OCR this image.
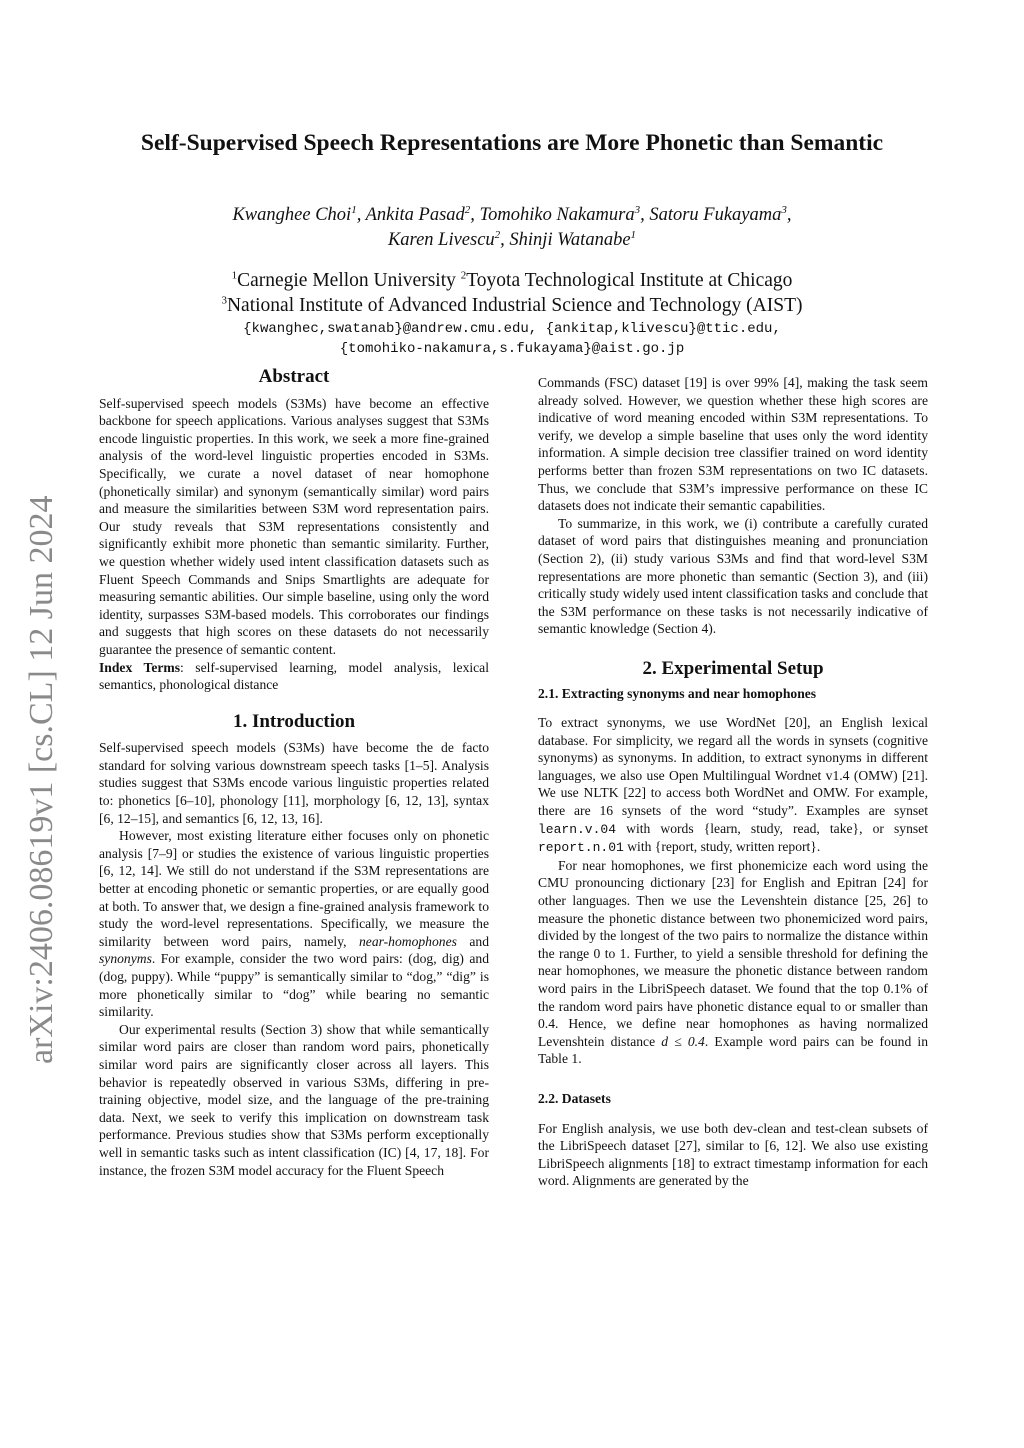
arXiv:2406.08619v1 [cs.CL] 12 Jun 2024
Self-Supervised Speech Representations are More Phonetic than Semantic
Kwanghee Choi$^1$, Ankita Pasad$^2$, Tomohiko Nakamura$^3$, Satoru Fukayama$^3$,
Karen Livescu$^2$, Shinji Watanabe$^1$
$^1$Carnegie Mellon University $^2$Toyota Technological Institute at Chicago
$^3$National Institute of Advanced Industrial Science and Technology (AIST)
{kwanghec,swatanab}@andrew.cmu.edu, {ankitap,klivescu}@ttic.edu,
{tomohiko-nakamura,s.fukayama}@aist.go.jp
Abstract

Self-supervised speech models (S3Ms) have become an effective backbone for speech applications. Various analyses suggest that S3Ms encode linguistic properties. In this work, we seek a more fine-grained analysis of the word-level linguistic properties encoded in S3Ms. Specifically, we curate a novel dataset of near homophone (phonetically similar) and synonym (semantically similar) word pairs and measure the similarities between S3M word representation pairs. Our study reveals that S3M representations consistently and significantly exhibit more phonetic than semantic similarity. Further, we question whether widely used intent classification datasets such as Fluent Speech Commands and Snips Smartlights are adequate for measuring semantic abilities. Our simple baseline, using only the word identity, surpasses S3M-based models. This corroborates our findings and suggests that high scores on these datasets do not necessarily guarantee the presence of semantic content.

Index Terms: self-supervised learning, model analysis, lexical semantics, phonological distance

1. Introduction

Self-supervised speech models (S3Ms) have become the de facto standard for solving various downstream speech tasks [1–5]. Analysis studies suggest that S3Ms encode various linguistic properties related to: phonetics [6–10], phonology [11], morphology [6, 12, 13], syntax [6, 12–15], and semantics [6, 12, 13, 16].

However, most existing literature either focuses only on phonetic analysis [7–9] or studies the existence of various linguistic properties [6, 12, 14]. We still do not understand if the S3M representations are better at encoding phonetic or semantic properties, or are equally good at both. To answer that, we design a fine-grained analysis framework to study the word-level representations. Specifically, we measure the similarity between word pairs, namely, near-homophones and synonyms. For example, consider the two word pairs: (dog, dig) and (dog, puppy). While “puppy” is semantically similar to “dog,” “dig” is more phonetically similar to “dog” while bearing no semantic similarity.

Our experimental results (Section 3) show that while semantically similar word pairs are closer than random word pairs, phonetically similar word pairs are significantly closer across all layers. This behavior is repeatedly observed in various S3Ms, differing in pre-training objective, model size, and the language of the pre-training data. Next, we seek to verify this implication on downstream task performance. Previous studies show that S3Ms perform exceptionally well in semantic tasks such as intent classification (IC) [4, 17, 18]. For instance, the frozen S3M model accuracy for the Fluent Speech

Commands (FSC) dataset [19] is over 99% [4], making the task seem already solved. However, we question whether these high scores are indicative of word meaning encoded within S3M representations. To verify, we develop a simple baseline that uses only the word identity information. A simple decision tree classifier trained on word identity performs better than frozen S3M representations on two IC datasets. Thus, we conclude that S3M’s impressive performance on these IC datasets does not indicate their semantic capabilities.

To summarize, in this work, we (i) contribute a carefully curated dataset of word pairs that distinguishes meaning and pronunciation (Section 2), (ii) study various S3Ms and find that word-level S3M representations are more phonetic than semantic (Section 3), and (iii) critically study widely used intent classification tasks and conclude that the S3M performance on these tasks is not necessarily indicative of semantic knowledge (Section 4).

2. Experimental Setup
2.1. Extracting synonyms and near homophones

To extract synonyms, we use WordNet [20], an English lexical database. For simplicity, we regard all the words in synsets (cognitive synonyms) as synonyms. In addition, to extract synonyms in different languages, we also use Open Multilingual Wordnet v1.4 (OMW) [21]. We use NLTK [22] to access both WordNet and OMW. For example, there are 16 synsets of the word “study”. Examples are synset learn.v.04 with words {learn, study, read, take}, or synset report.n.01 with {report, study, written report}.

For near homophones, we first phonemicize each word using the CMU pronouncing dictionary [23] for English and Epitran [24] for other languages. Then we use the Levenshtein distance [25, 26] to measure the phonetic distance between two phonemicized word pairs, divided by the longest of the two pairs to normalize the distance within the range 0 to 1. Further, to yield a sensible threshold for defining the near homophones, we measure the phonetic distance between random word pairs in the LibriSpeech dataset. We found that the top 0.1% of the random word pairs have phonetic distance equal to or smaller than 0.4. Hence, we define near homophones as having normalized Levenshtein distance d ≤ 0.4. Example word pairs can be found in Table 1.

2.2. Datasets

For English analysis, we use both dev-clean and test-clean subsets of the LibriSpeech dataset [27], similar to [6, 12]. We also use existing LibriSpeech alignments [18] to extract timestamp information for each word. Alignments are generated by the
